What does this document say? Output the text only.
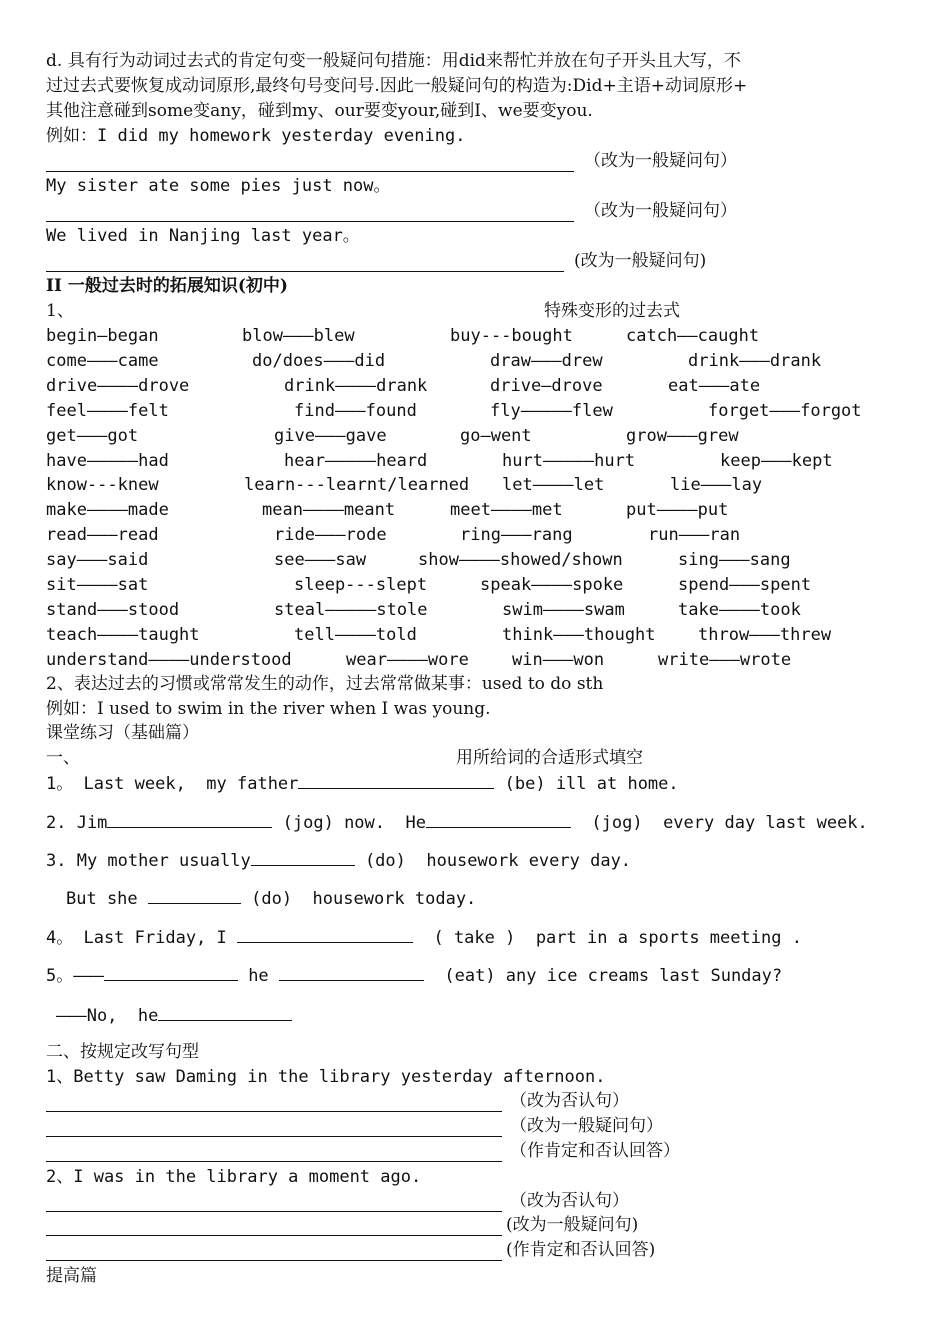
d. 具有行为动词过去式的肯定句变一般疑问句措施：用did来帮忙并放在句子开头且大写，不
过过去式要恢复成动词原形,最终句号变问号.因此一般疑问句的构造为:Did+主语+动词原形+
其他注意碰到some变any，碰到my、our要变your,碰到I、we要变you.
例如：I did my homework yesterday evening.
（改为一般疑问句）
My sister ate some pies just now。
（改为一般疑问句）
We lived in Nanjing last year。
(改为一般疑问句)
II 一般过去时的拓展知识(初中)
1、	特殊变形的过去式
begin—began	blow———blew	buy---bought	catch——caught
come———came	do/does———did	draw———drew	drink———drank
drive————drove	drink————drank	drive—drove	eat———ate
feel————felt	find———found	fly—————flew	forget———forgot
get———got	give———gave	go—went	grow———grew
have—————had	hear—————heard	hurt—————hurt	keep———kept
know---knew	learn---learnt/learned let————let	lie———lay
make————made	mean————meant	meet————met	put————put
read———read	ride———rode	ring———rang	run———ran
say———said	see———saw	show————showed/shown	sing———sang
sit————sat	sleep---slept	speak————spoke	spend———spent
stand———stood	steal—————stole	swim————swam	take————took
teach————taught	tell————told	think———thought throw———threw
understand————understood	wear————wore	win———won	write———wrote
2、表达过去的习惯或常常发生的动作，过去常常做某事：used to do sth
例如：I used to swim in the river when I was young.
课堂练习（基础篇）
一、	用所给词的合适形式填空
1。 Last week,  my father	(be) ill at home.
2. Jim	(jog) now.  He	(jog)  every day last week.
3. My mother usually	(do)  housework every day.
But she	(do)  housework today.
4。 Last Friday, I	( take )  part in a sports meeting .
5。———	he	(eat) any ice creams last Sunday?
———No,  he
二、按规定改写句型
1、Betty saw Daming in the library yesterday afternoon.
（改为否认句）
（改为一般疑问句）
（作肯定和否认回答）
2、I was in the library a moment ago.
（改为否认句）
(改为一般疑问句)
(作肯定和否认回答)
提高篇
